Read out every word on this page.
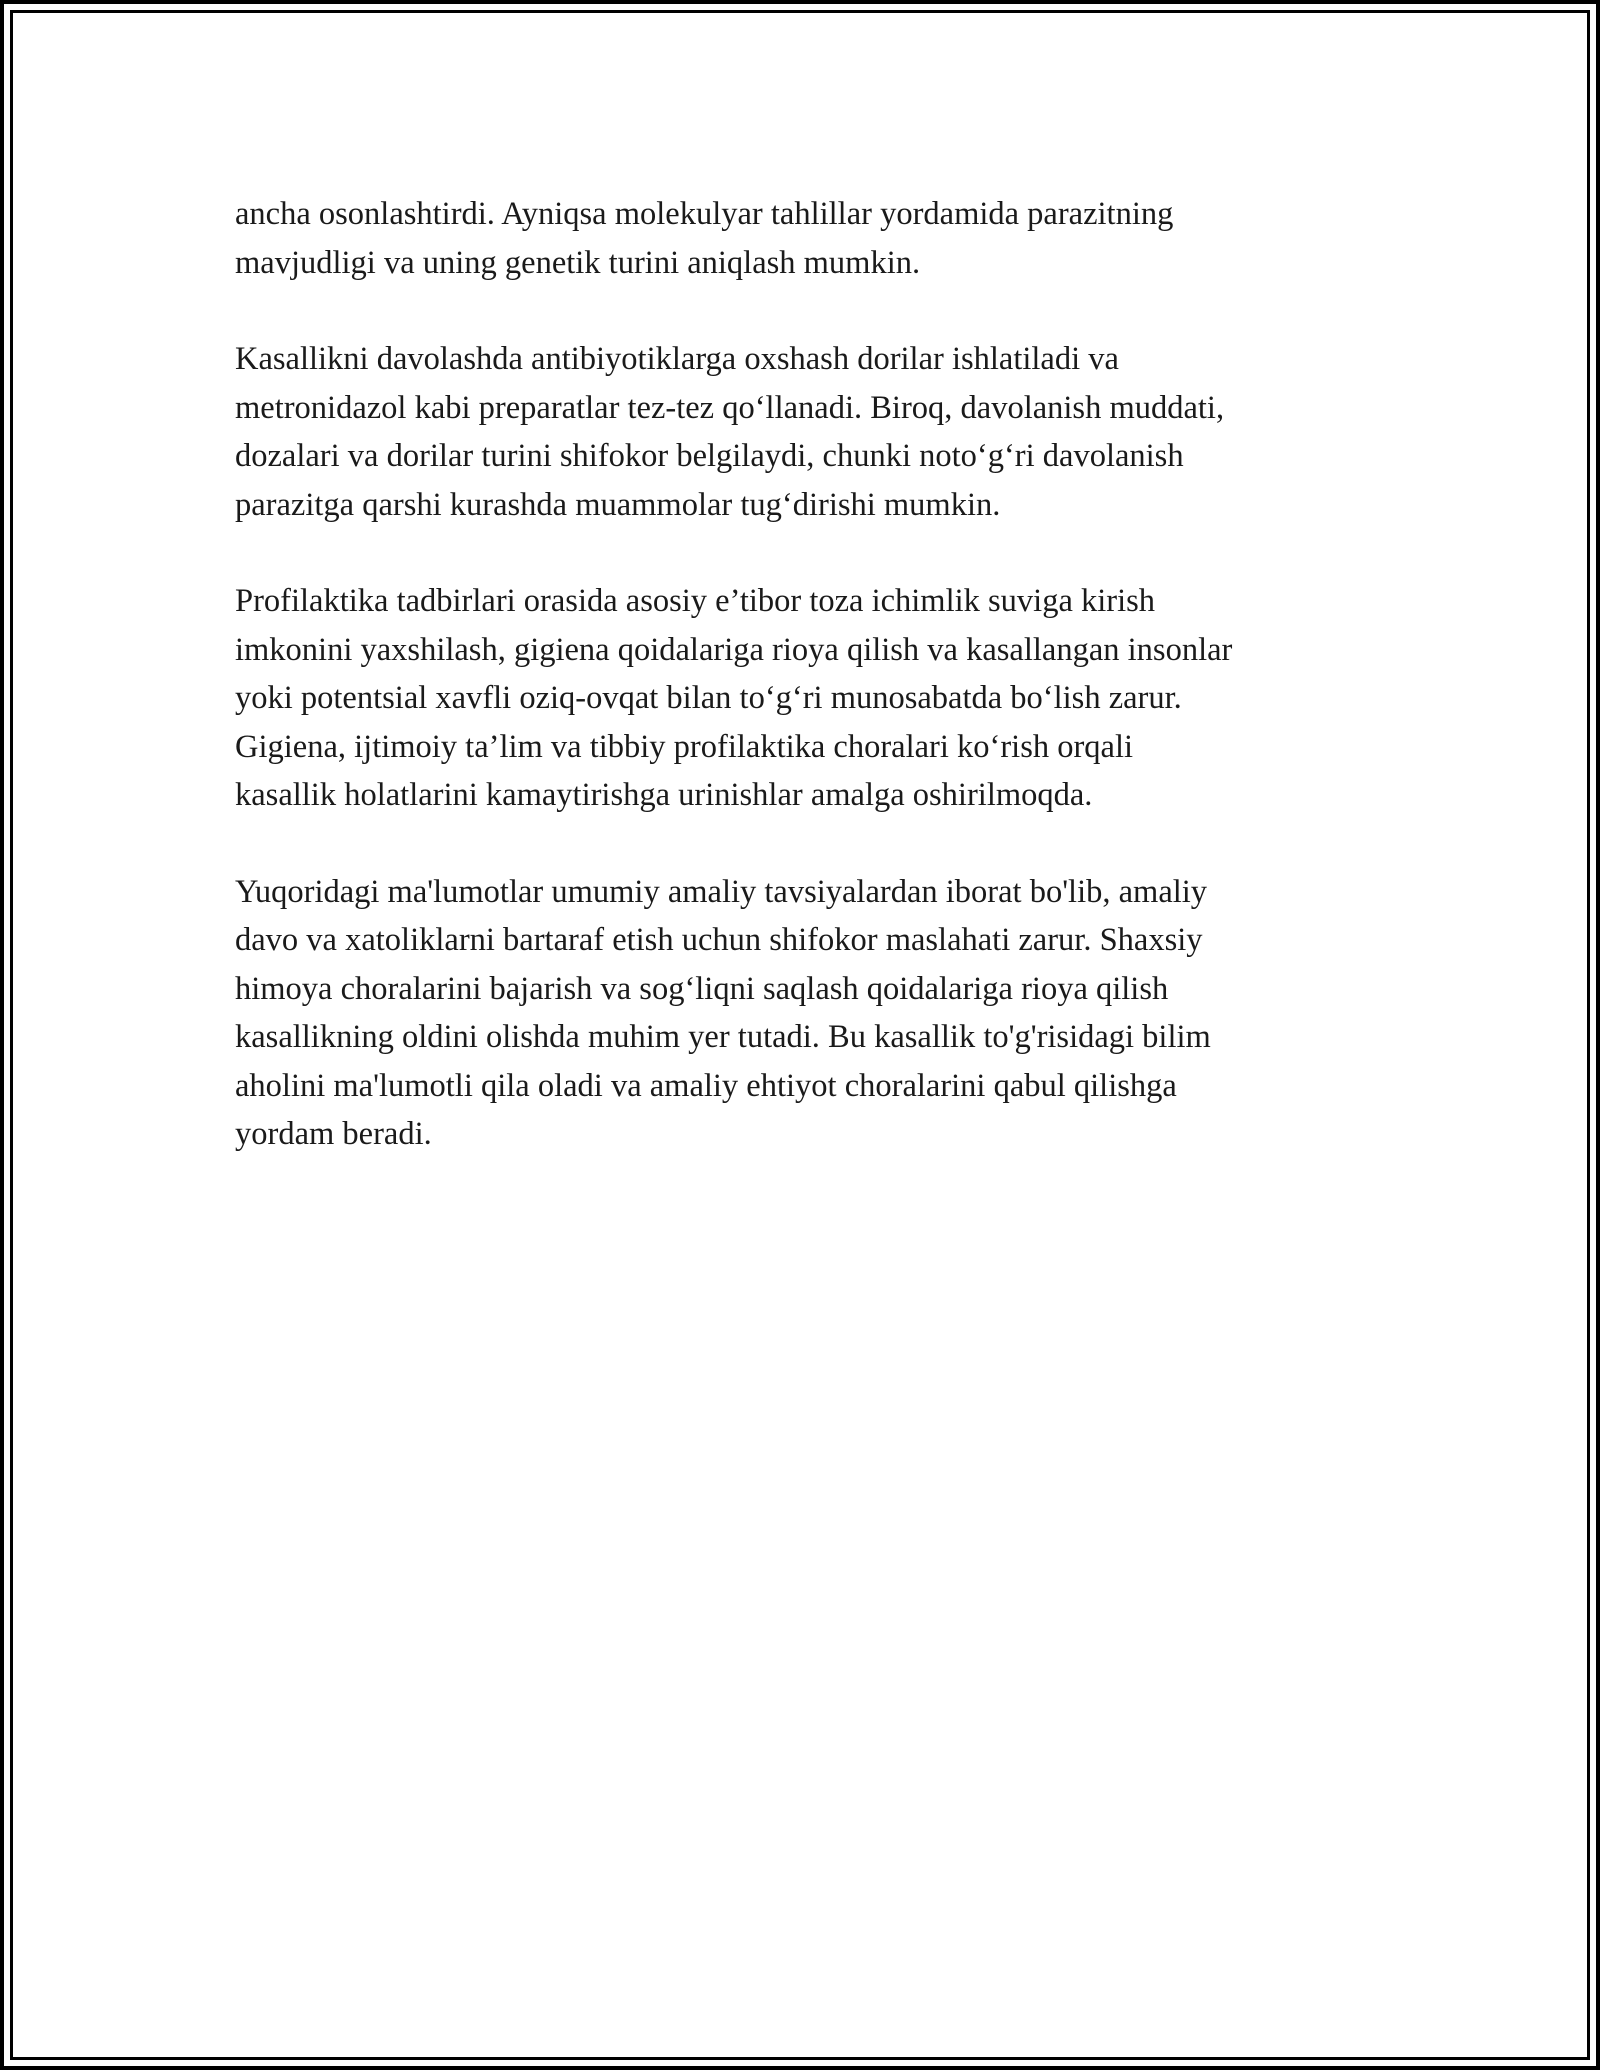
ancha osonlashtirdi. Ayniqsa molekulyar tahlillar yordamida parazitning
mavjudligi va uning genetik turini aniqlash mumkin.

Kasallikni davolashda antibiyotiklarga oxshash dorilar ishlatiladi va
metronidazol kabi preparatlar tez-tez qo‘llanadi. Biroq, davolanish muddati,
dozalari va dorilar turini shifokor belgilaydi, chunki noto‘g‘ri davolanish
parazitga qarshi kurashda muammolar tug‘dirishi mumkin.

Profilaktika tadbirlari orasida asosiy e’tibor toza ichimlik suviga kirish
imkonini yaxshilash, gigiena qoidalariga rioya qilish va kasallangan insonlar
yoki potentsial xavfli oziq-ovqat bilan to‘g‘ri munosabatda bo‘lish zarur.
Gigiena, ijtimoiy ta’lim va tibbiy profilaktika choralari ko‘rish orqali
kasallik holatlarini kamaytirishga urinishlar amalga oshirilmoqda.

Yuqoridagi ma'lumotlar umumiy amaliy tavsiyalardan iborat bo'lib, amaliy
davo va xatoliklarni bartaraf etish uchun shifokor maslahati zarur. Shaxsiy
himoya choralarini bajarish va sog‘liqni saqlash qoidalariga rioya qilish
kasallikning oldini olishda muhim yer tutadi. Bu kasallik to'g'risidagi bilim
aholini ma'lumotli qila oladi va amaliy ehtiyot choralarini qabul qilishga
yordam beradi.
